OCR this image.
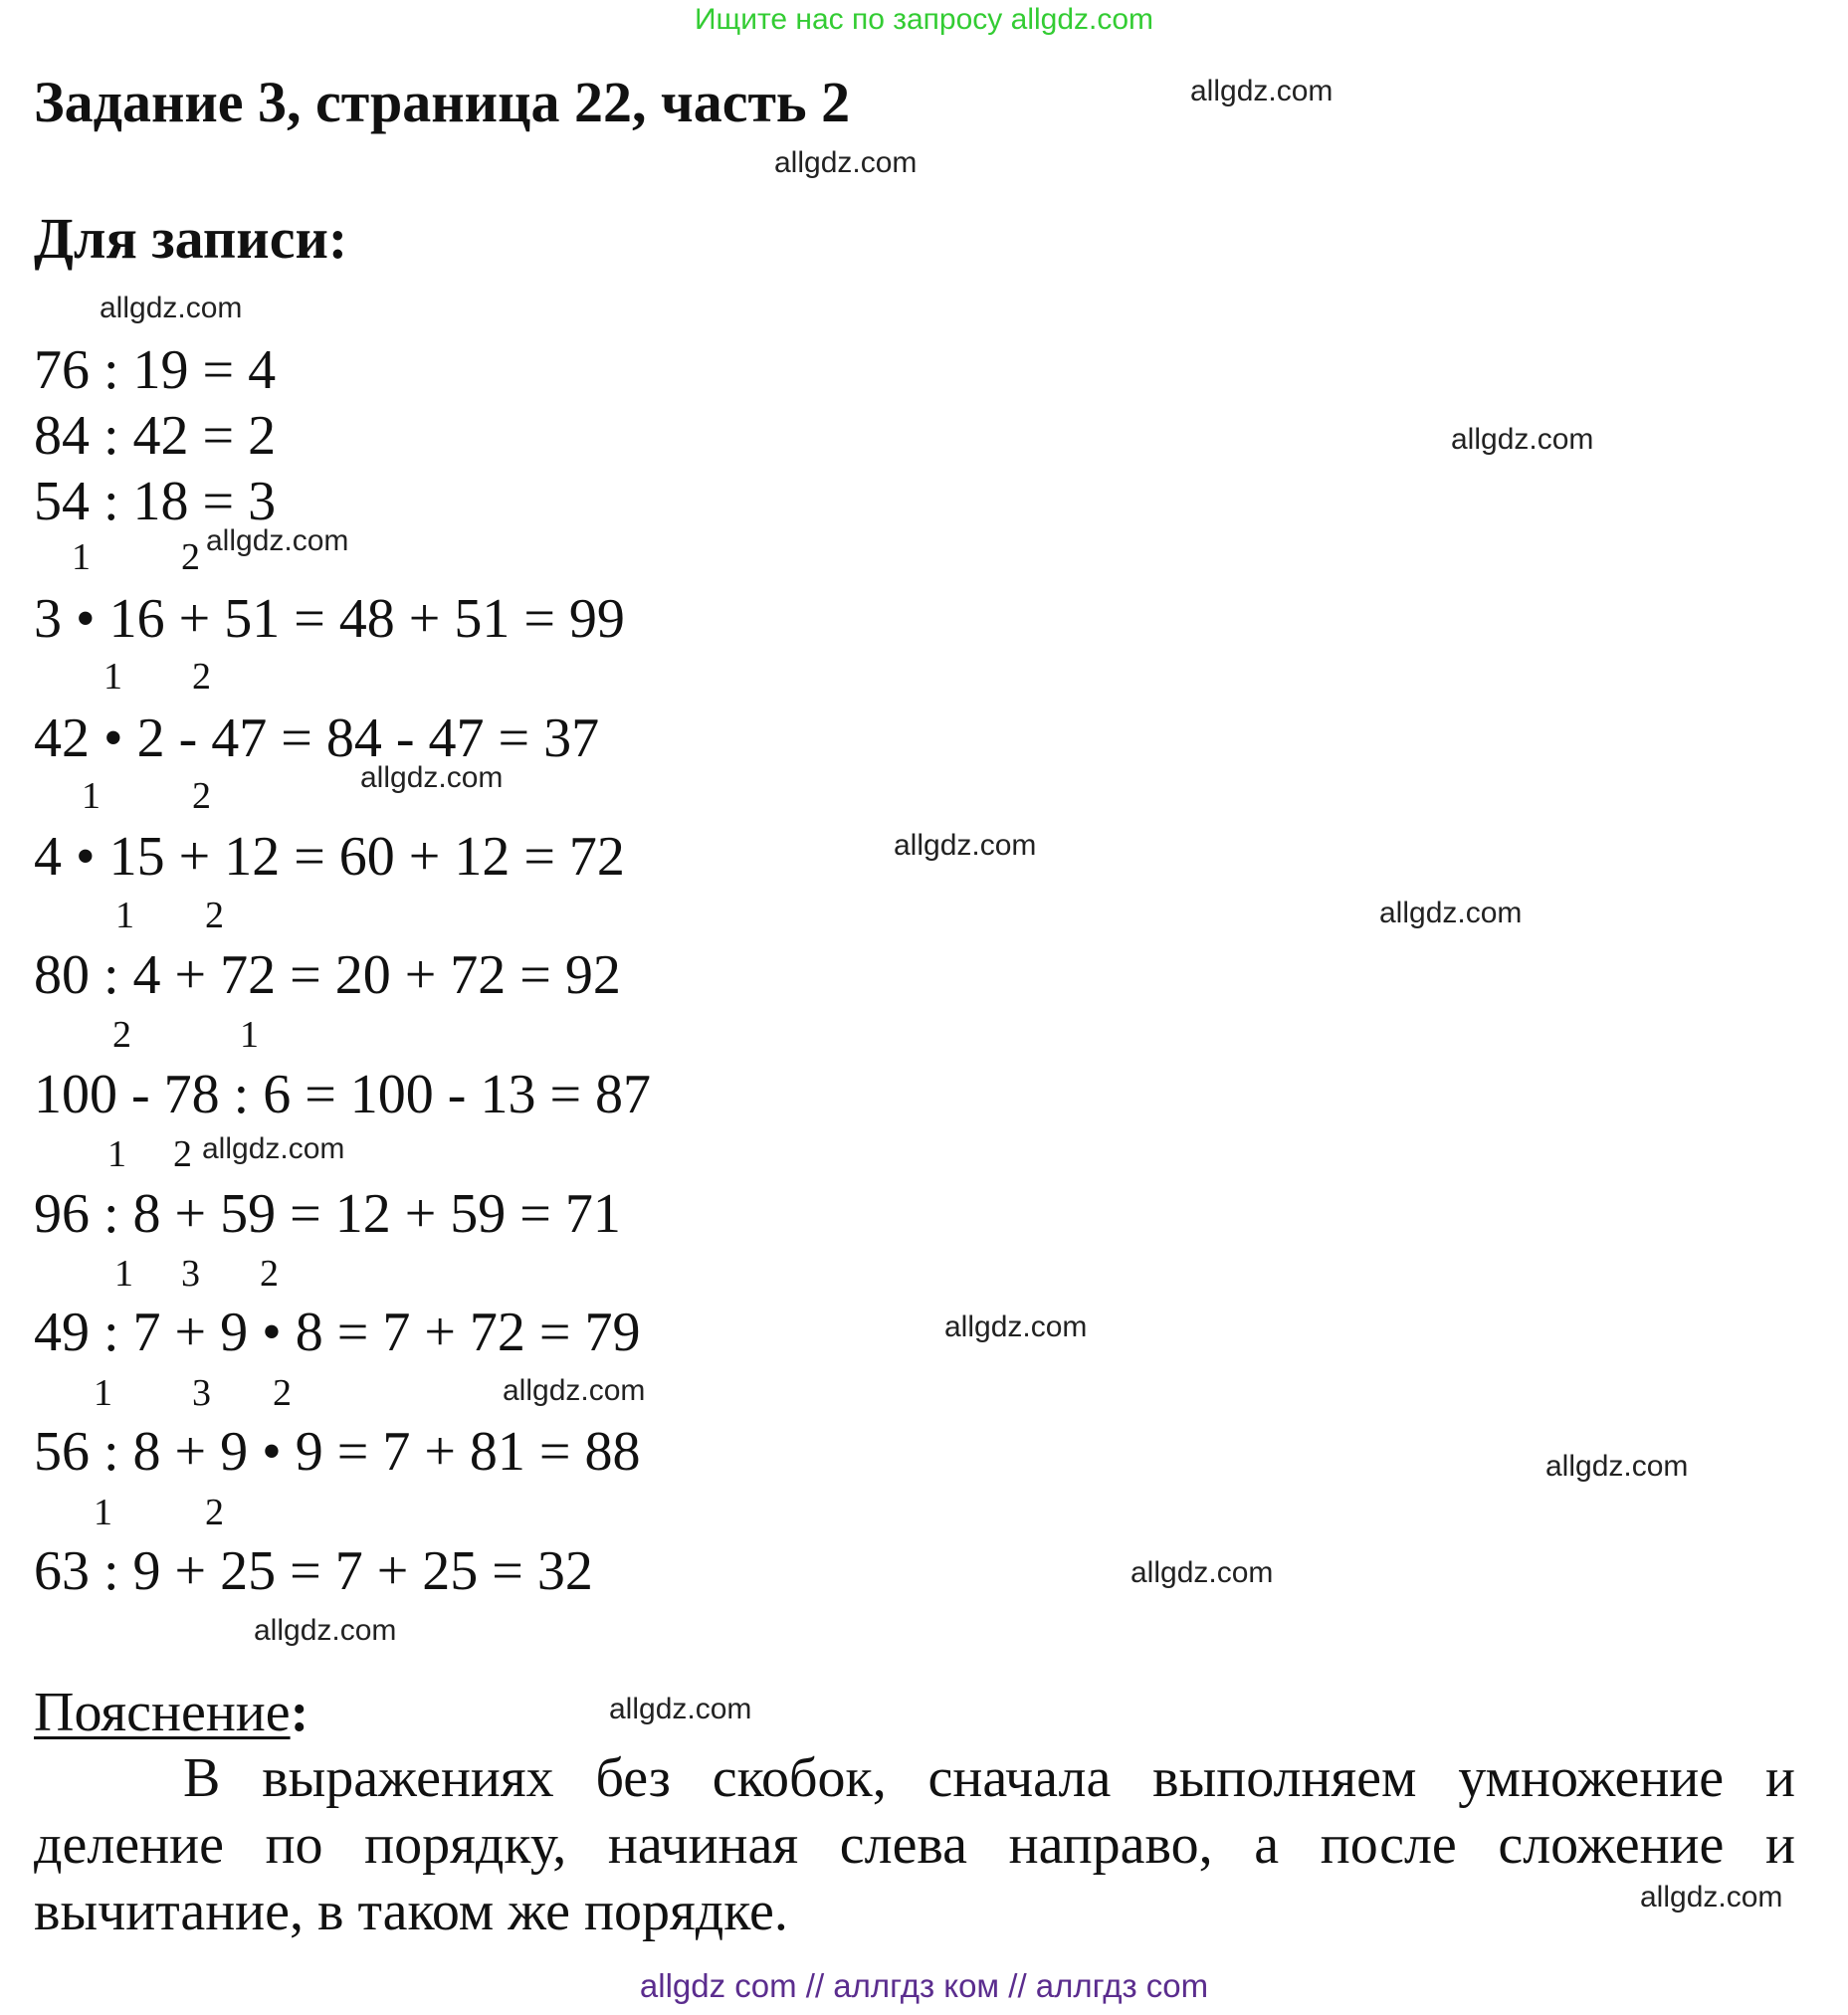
Ищите нас по запросу allgdz.com
Задание 3, страница 22, часть 2
Для записи:
allgdz.com
allgdz.com
allgdz.com
allgdz.com
allgdz.com
allgdz.com
allgdz.com
allgdz.com
allgdz.com
allgdz.com
allgdz.com
allgdz.com
allgdz.com
allgdz.com
allgdz.com
allgdz.com
76 : 19 = 4
84 : 42 = 2
54 : 18 = 3
1 2
3 • 16 + 51 = 48 + 51 = 99
1 2
42 • 2 - 47 = 84 - 47 = 37
1 2
4 • 15 + 12 = 60 + 12 = 72
1 2
80 : 4 + 72 = 20 + 72 = 92
2	1
100 - 78 : 6 = 100 - 13 = 87
1 2
96 : 8 + 59 = 12 + 59 = 71
1 3 2
49 : 7 + 9 • 8 = 7 + 72 = 79
1 3 2
56 : 8 + 9 • 9 = 7 + 81 = 88
1 2
63 : 9 + 25 = 7 + 25 = 32
Пояснение:
В выражениях без скобок, сначала выполняем умножение и деление по порядку, начиная слева направо, а после сложение и вычитание, в таком же порядке.
allgdz com // аллгдз ком // аллгдз com
